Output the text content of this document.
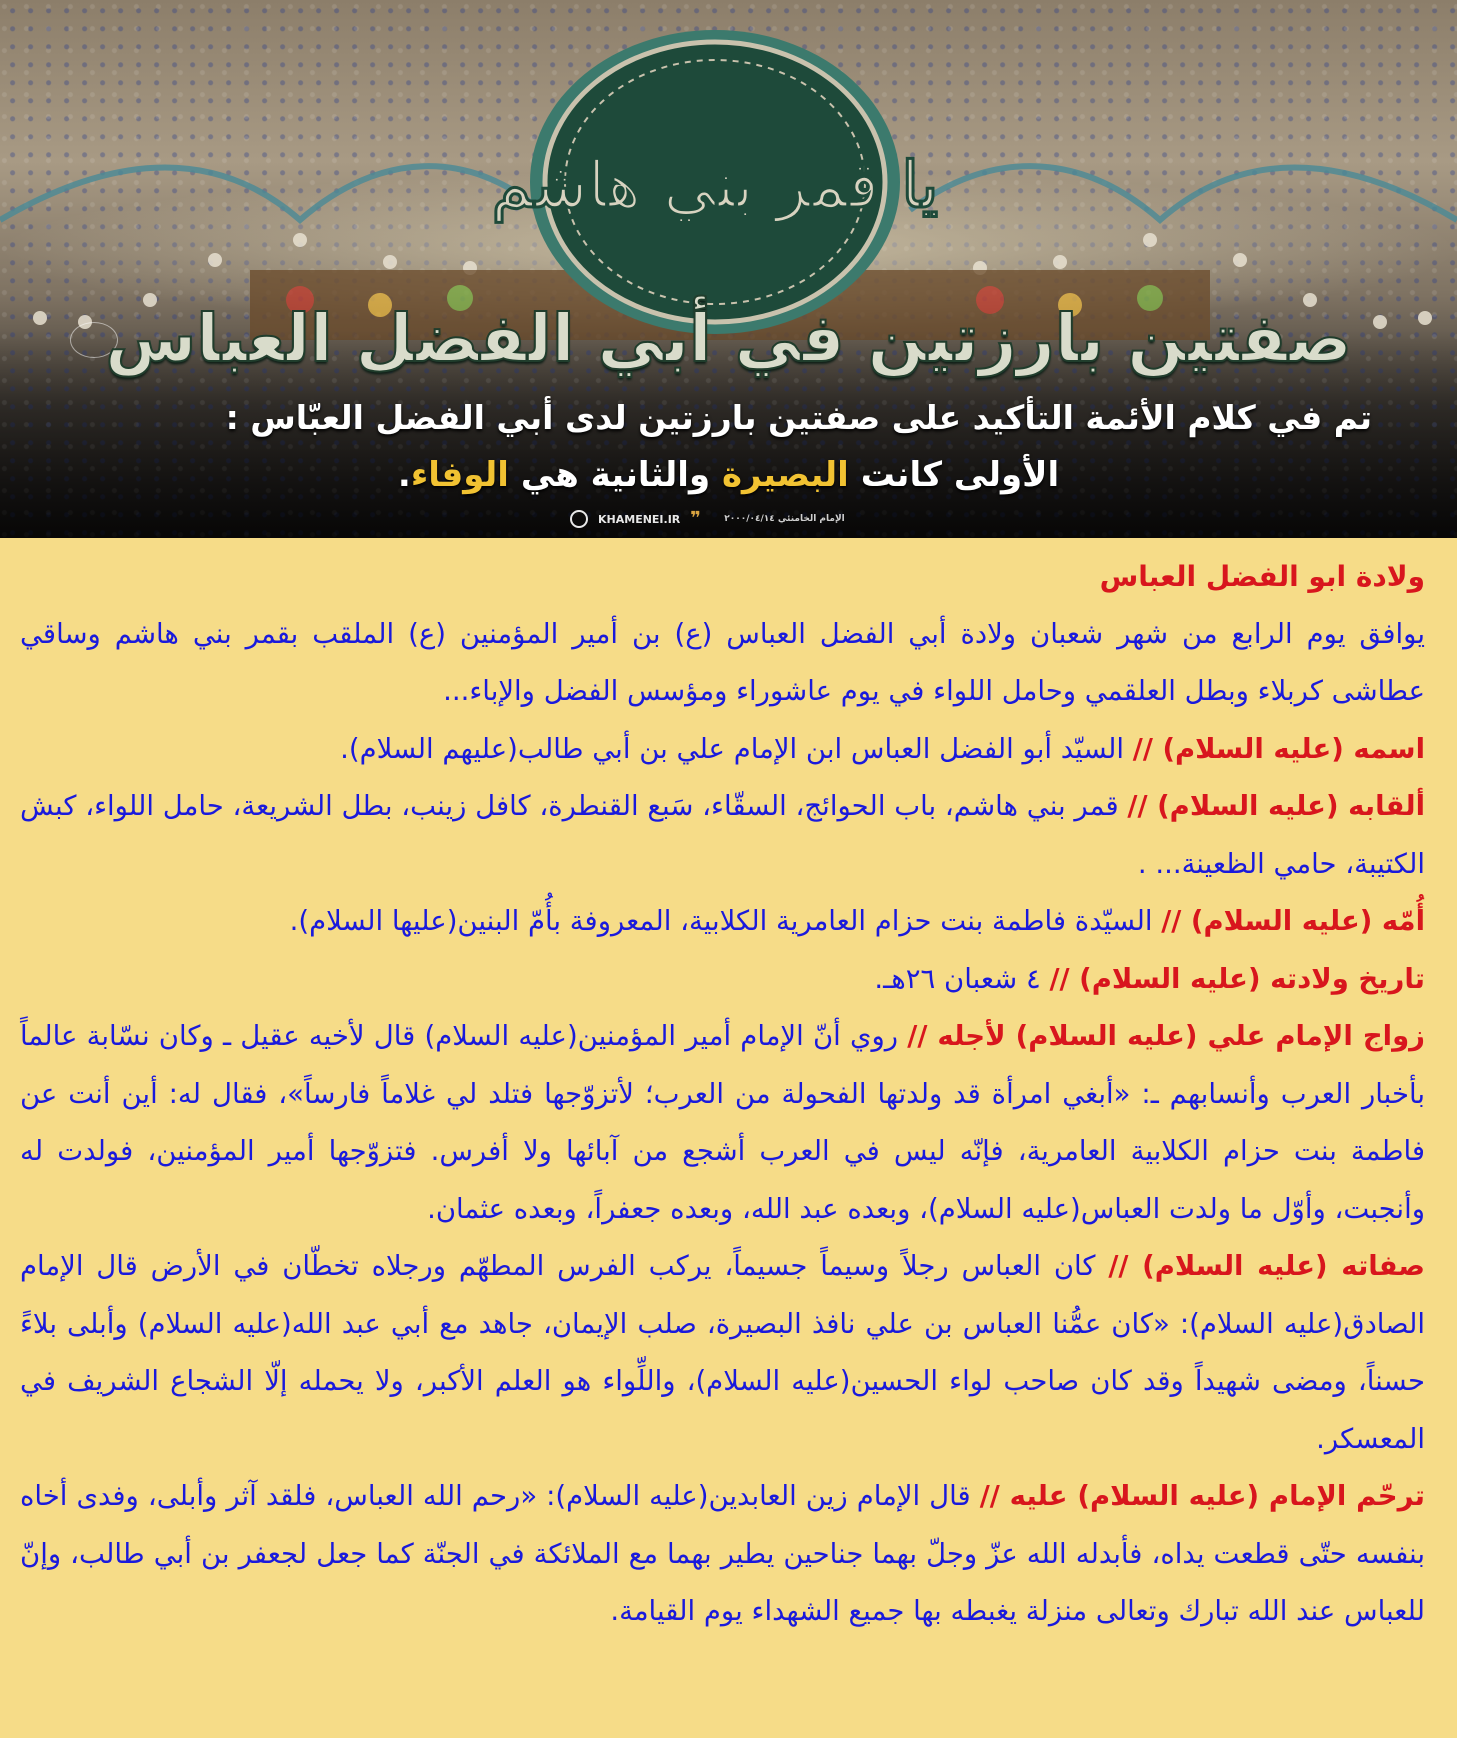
يا قمر بني هاشم
صفتين بارزتين في أبي الفضل العباس
تم في كلام الأئمة التأكيد على صفتين بارزتين لدى أبي الفضل العبّاس :
الأولى كانت البصيرة والثانية هي الوفاء.
KHAMENEI.IR ❞	الإمام الخامنئي ٢٠٠٠/٠٤/١٤

ولادة ابو الفضل العباس

يوافق يوم الرابع من شهر شعبان ولادة أبي الفضل العباس (ع) بن أمير المؤمنين (ع) الملقب بقمر بني هاشم وساقي عطاشى كربلاء وبطل العلقمي وحامل اللواء في يوم عاشوراء ومؤسس الفضل والإباء...

اسمه (عليه السلام) // السيّد أبو الفضل العباس ابن الإمام علي بن أبي طالب(عليهم السلام).

ألقابه (عليه السلام) // قمر بني هاشم، باب الحوائج، السقّاء، سَبع القنطرة، كافل زينب، بطل الشريعة، حامل اللواء، كبش الكتيبة، حامي الظعينة... .

أُمّه (عليه السلام) // السيّدة فاطمة بنت حزام العامرية الكلابية، المعروفة بأُمّ البنين(عليها السلام).

تاريخ ولادته (عليه السلام) // ٤ شعبان ٢٦هـ.

زواج الإمام علي (عليه السلام) لأجله // روي أنّ الإمام أمير المؤمنين(عليه السلام) قال لأخيه عقيل ـ وكان نسّابة عالماً بأخبار العرب وأنسابهم ـ: «أبغي امرأة قد ولدتها الفحولة من العرب؛ لأتزوّجها فتلد لي غلاماً فارساً»، فقال له: أين أنت عن فاطمة بنت حزام الكلابية العامرية، فإنّه ليس في العرب أشجع من آبائها ولا أفرس. فتزوّجها أمير المؤمنين، فولدت له وأنجبت، وأوّل ما ولدت العباس(عليه السلام)، وبعده عبد الله، وبعده جعفراً، وبعده عثمان.

صفاته (عليه السلام) // كان العباس رجلاً وسيماً جسيماً، يركب الفرس المطهّم ورجلاه تخطّان في الأرض قال الإمام الصادق(عليه السلام): «كان عمُّنا العباس بن علي نافذ البصيرة، صلب الإيمان، جاهد مع أبي عبد الله(عليه السلام) وأبلى بلاءً حسناً، ومضى شهيداً وقد كان صاحب لواء الحسين(عليه السلام)، واللِّواء هو العلم الأكبر، ولا يحمله إلّا الشجاع الشريف في المعسكر.

ترحّم الإمام (عليه السلام) عليه // قال الإمام زين العابدين(عليه السلام): «رحم الله العباس، فلقد آثر وأبلى، وفدى أخاه بنفسه حتّى قطعت يداه، فأبدله الله عزّ وجلّ بهما جناحين يطير بهما مع الملائكة في الجنّة كما جعل لجعفر بن أبي طالب، وإنّ للعباس عند الله تبارك وتعالى منزلة يغبطه بها جميع الشهداء يوم القيامة.
